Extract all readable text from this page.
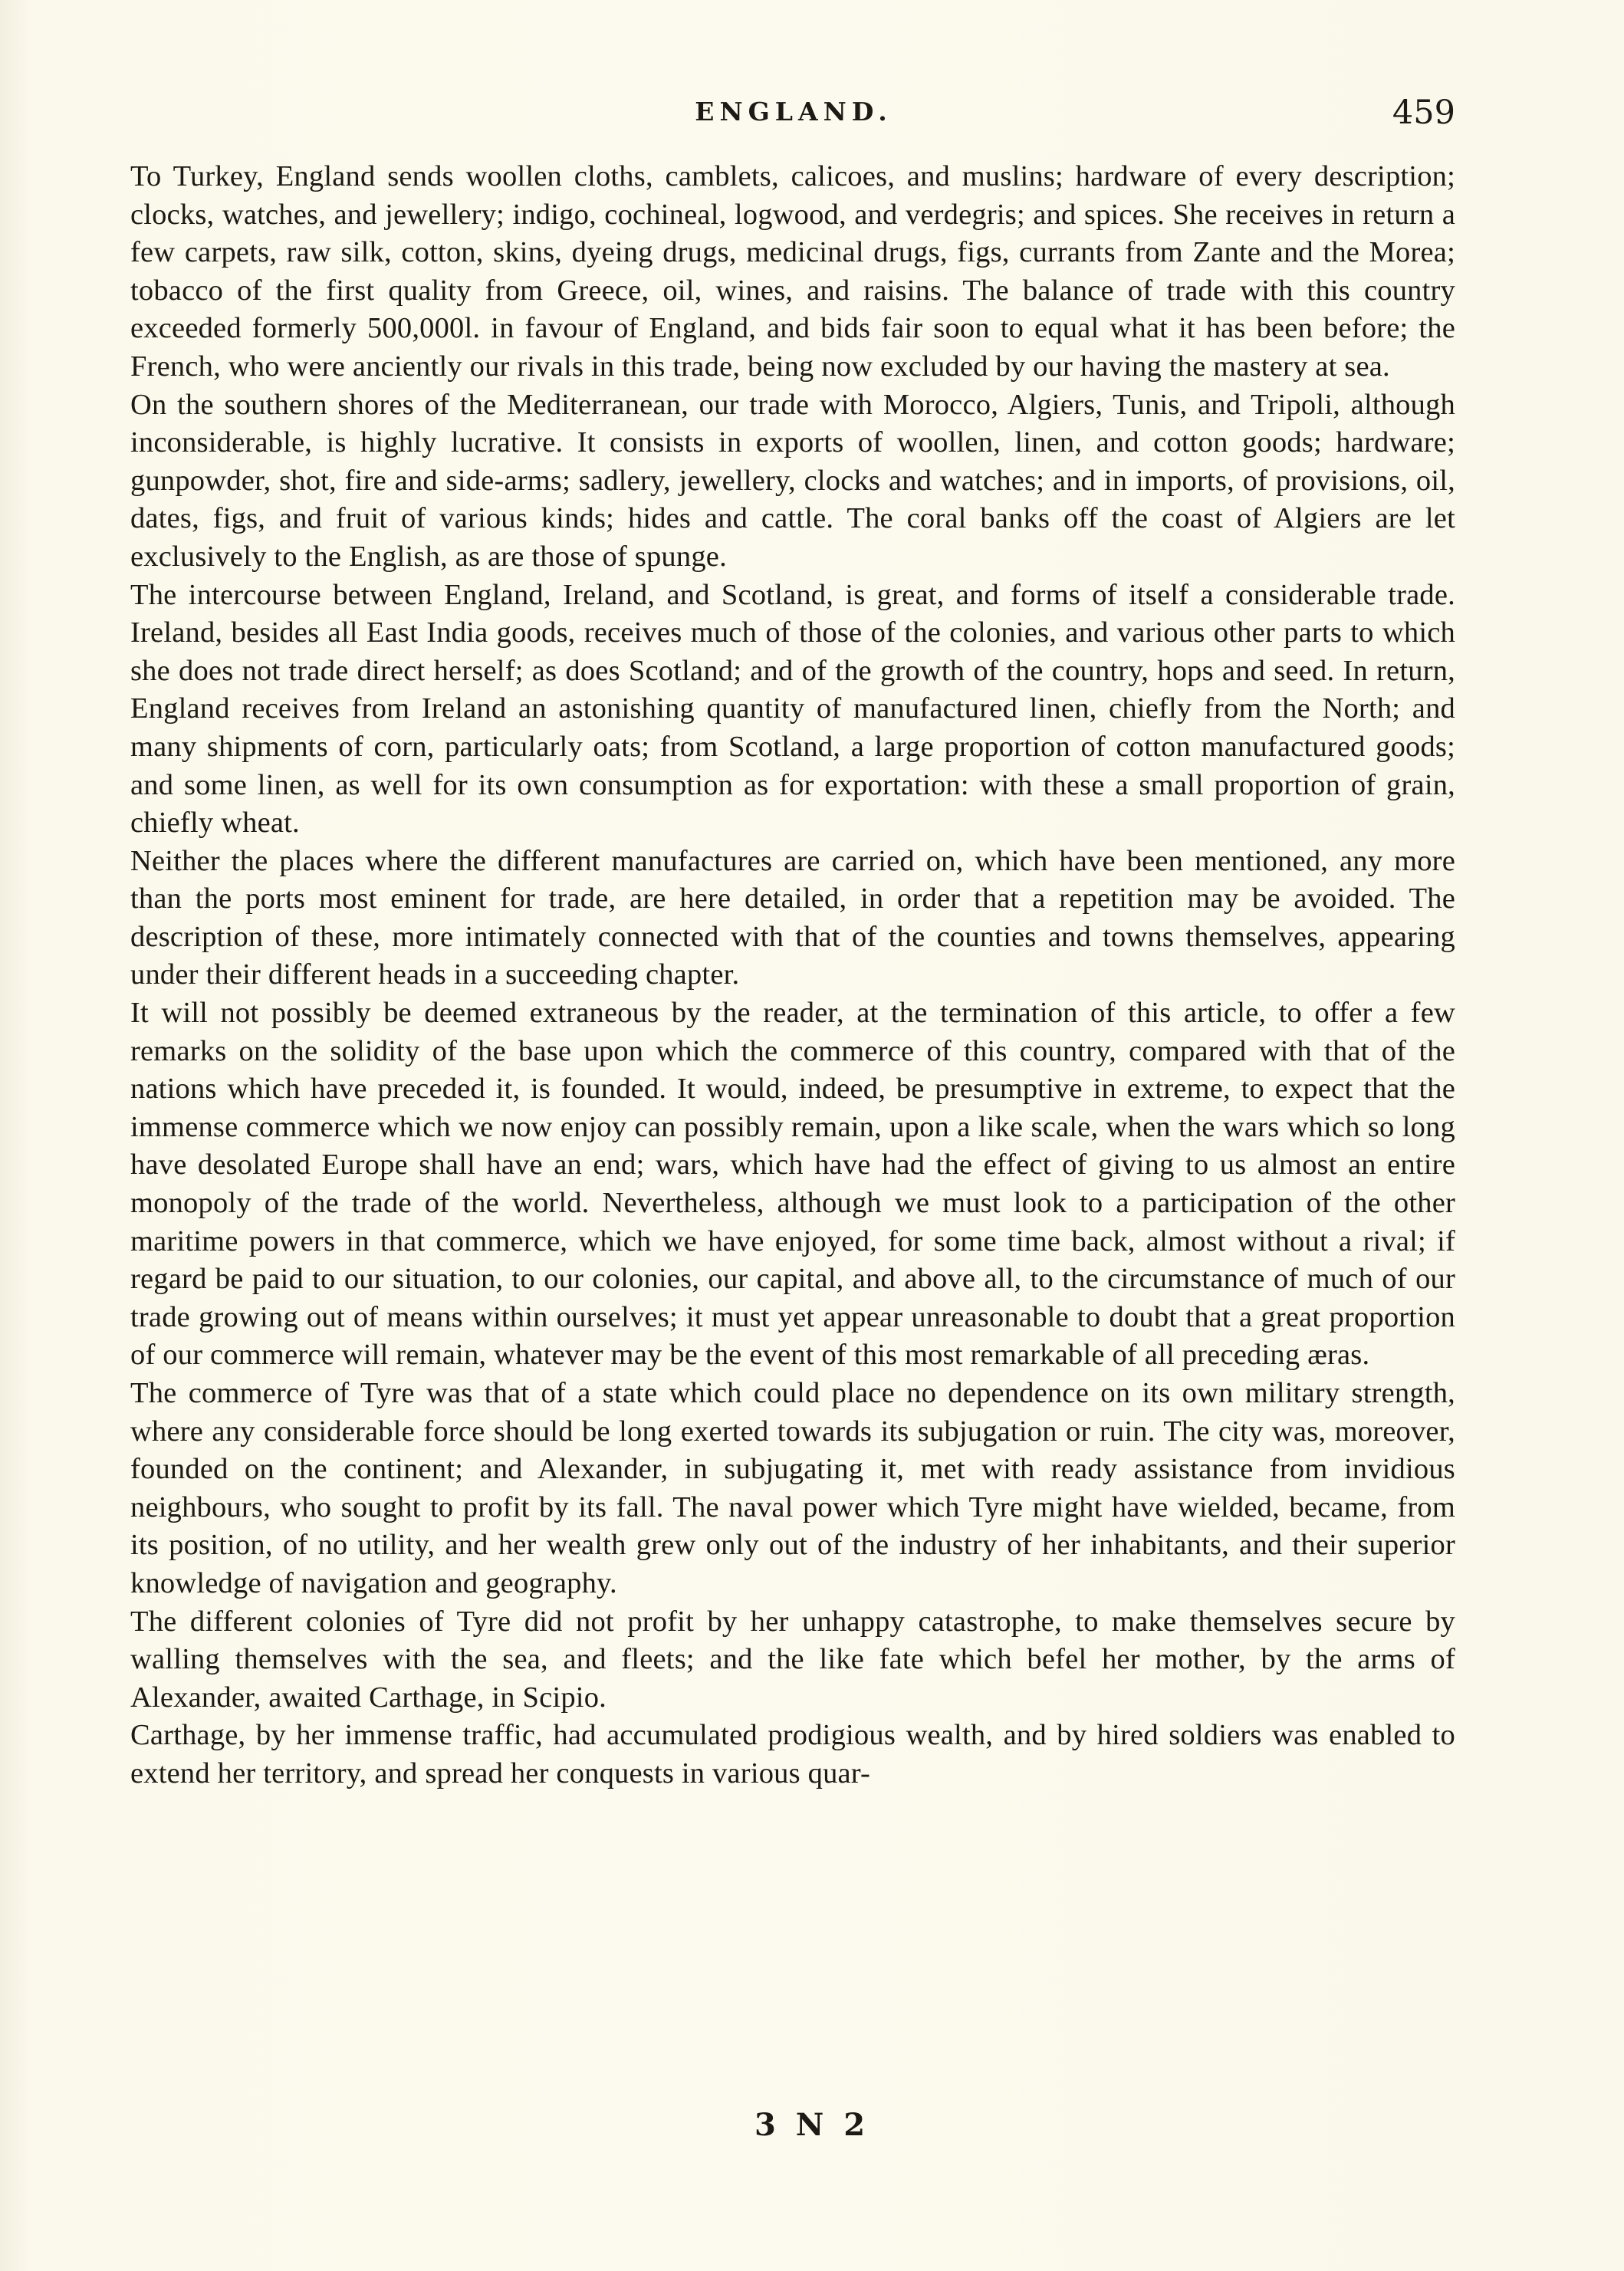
ENGLAND.	459

To Turkey, England sends woollen cloths, camblets, calicoes, and muslins; hardware of every description; clocks, watches, and jewellery; indigo, cochineal, logwood, and verdegris; and spices. She receives in return a few carpets, raw silk, cotton, skins, dyeing drugs, medicinal drugs, figs, currants from Zante and the Morea; tobacco of the first quality from Greece, oil, wines, and raisins. The balance of trade with this country exceeded formerly 500,000l. in favour of England, and bids fair soon to equal what it has been before; the French, who were anciently our rivals in this trade, being now excluded by our having the mastery at sea.

On the southern shores of the Mediterranean, our trade with Morocco, Algiers, Tunis, and Tripoli, although inconsiderable, is highly lucrative. It consists in exports of woollen, linen, and cotton goods; hardware; gunpowder, shot, fire and side-arms; sadlery, jewellery, clocks and watches; and in imports, of provisions, oil, dates, figs, and fruit of various kinds; hides and cattle. The coral banks off the coast of Algiers are let exclusively to the English, as are those of spunge.

The intercourse between England, Ireland, and Scotland, is great, and forms of itself a considerable trade. Ireland, besides all East India goods, receives much of those of the colonies, and various other parts to which she does not trade direct herself; as does Scotland; and of the growth of the country, hops and seed. In return, England receives from Ireland an astonishing quantity of manufactured linen, chiefly from the North; and many shipments of corn, particularly oats; from Scotland, a large proportion of cotton manufactured goods; and some linen, as well for its own consumption as for exportation: with these a small proportion of grain, chiefly wheat.

Neither the places where the different manufactures are carried on, which have been mentioned, any more than the ports most eminent for trade, are here detailed, in order that a repetition may be avoided. The description of these, more intimately connected with that of the counties and towns themselves, appearing under their different heads in a succeeding chapter.

It will not possibly be deemed extraneous by the reader, at the termination of this article, to offer a few remarks on the solidity of the base upon which the commerce of this country, compared with that of the nations which have preceded it, is founded. It would, indeed, be presumptive in extreme, to expect that the immense commerce which we now enjoy can possibly remain, upon a like scale, when the wars which so long have desolated Europe shall have an end; wars, which have had the effect of giving to us almost an entire monopoly of the trade of the world. Nevertheless, although we must look to a participation of the other maritime powers in that commerce, which we have enjoyed, for some time back, almost without a rival; if regard be paid to our situation, to our colonies, our capital, and above all, to the circumstance of much of our trade growing out of means within ourselves; it must yet appear unreasonable to doubt that a great proportion of our commerce will remain, whatever may be the event of this most remarkable of all preceding æras.

The commerce of Tyre was that of a state which could place no dependence on its own military strength, where any considerable force should be long exerted towards its subjugation or ruin. The city was, moreover, founded on the continent; and Alexander, in subjugating it, met with ready assistance from invidious neighbours, who sought to profit by its fall. The naval power which Tyre might have wielded, became, from its position, of no utility, and her wealth grew only out of the industry of her inhabitants, and their superior knowledge of navigation and geography.

The different colonies of Tyre did not profit by her unhappy catastrophe, to make themselves secure by walling themselves with the sea, and fleets; and the like fate which befel her mother, by the arms of Alexander, awaited Carthage, in Scipio.

Carthage, by her immense traffic, had accumulated prodigious wealth, and by hired soldiers was enabled to extend her territory, and spread her conquests in various quar-

3 N 2
